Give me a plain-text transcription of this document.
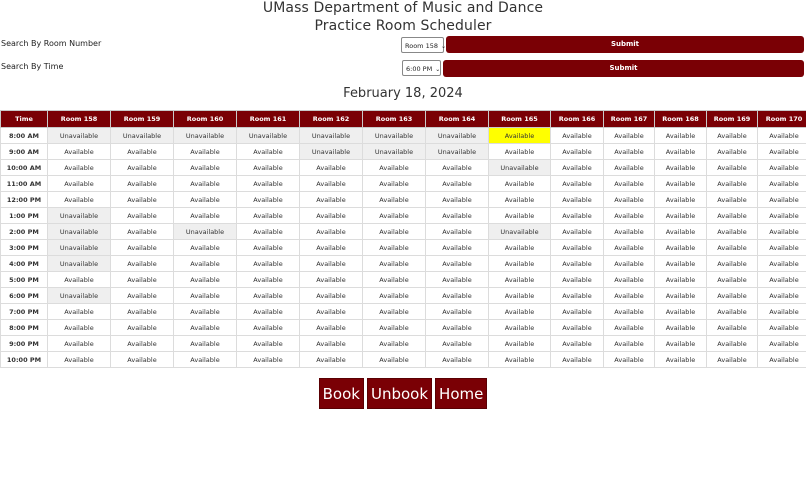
UMass Department of Music and Dance
Practice Room Scheduler
Search By Room Number	Room 158 ⌄	Submit
Search By Time	6:00 PM ⌄	Submit
February 18, 2024
Time	Room 158	Room 159	Room 160	Room 161	Room 162	Room 163	Room 164	Room 165	Room 166	Room 167	Room 168	Room 169	Room 170
8:00 AM	Unavailable	Unavailable	Unavailable	Unavailable	Unavailable	Unavailable	Unavailable	Available	Available	Available	Available	Available	Available
9:00 AM	Available	Available	Available	Available	Unavailable	Unavailable	Unavailable	Available	Available	Available	Available	Available	Available
10:00 AM	Available	Available	Available	Available	Available	Available	Available	Unavailable	Available	Available	Available	Available	Available
11:00 AM	Available	Available	Available	Available	Available	Available	Available	Available	Available	Available	Available	Available	Available
12:00 PM	Available	Available	Available	Available	Available	Available	Available	Available	Available	Available	Available	Available	Available
1:00 PM	Unavailable	Available	Available	Available	Available	Available	Available	Available	Available	Available	Available	Available	Available
2:00 PM	Unavailable	Available	Unavailable	Available	Available	Available	Available	Unavailable	Available	Available	Available	Available	Available
3:00 PM	Unavailable	Available	Available	Available	Available	Available	Available	Available	Available	Available	Available	Available	Available
4:00 PM	Unavailable	Available	Available	Available	Available	Available	Available	Available	Available	Available	Available	Available	Available
5:00 PM	Available	Available	Available	Available	Available	Available	Available	Available	Available	Available	Available	Available	Available
6:00 PM	Unavailable	Available	Available	Available	Available	Available	Available	Available	Available	Available	Available	Available	Available
7:00 PM	Available	Available	Available	Available	Available	Available	Available	Available	Available	Available	Available	Available	Available
8:00 PM	Available	Available	Available	Available	Available	Available	Available	Available	Available	Available	Available	Available	Available
9:00 PM	Available	Available	Available	Available	Available	Available	Available	Available	Available	Available	Available	Available	Available
10:00 PM	Available	Available	Available	Available	Available	Available	Available	Available	Available	Available	Available	Available	Available
Book Unbook Home
